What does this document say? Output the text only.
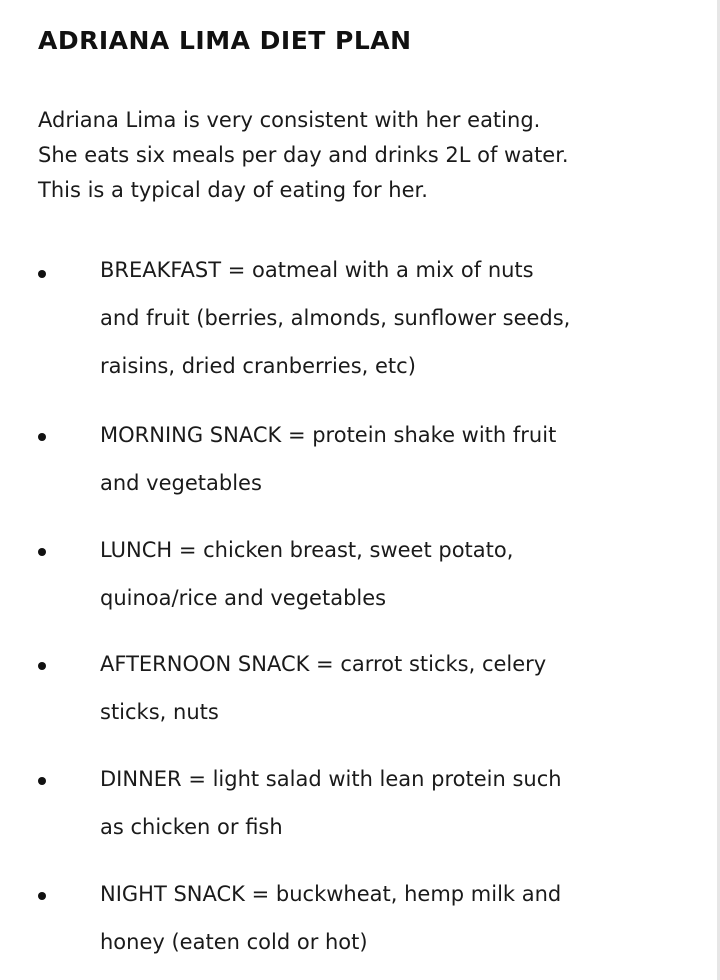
ADRIANA LIMA DIET PLAN
Adriana Lima is very consistent with her eating.
She eats six meals per day and drinks 2L of water.
This is a typical day of eating for her.
BREAKFAST = oatmeal with a mix of nuts
and fruit (berries, almonds, sunflower seeds,
raisins, dried cranberries, etc)
MORNING SNACK = protein shake with fruit
and vegetables
LUNCH = chicken breast, sweet potato,
quinoa/rice and vegetables
AFTERNOON SNACK = carrot sticks, celery
sticks, nuts
DINNER = light salad with lean protein such
as chicken or fish
NIGHT SNACK = buckwheat, hemp milk and
honey (eaten cold or hot)
